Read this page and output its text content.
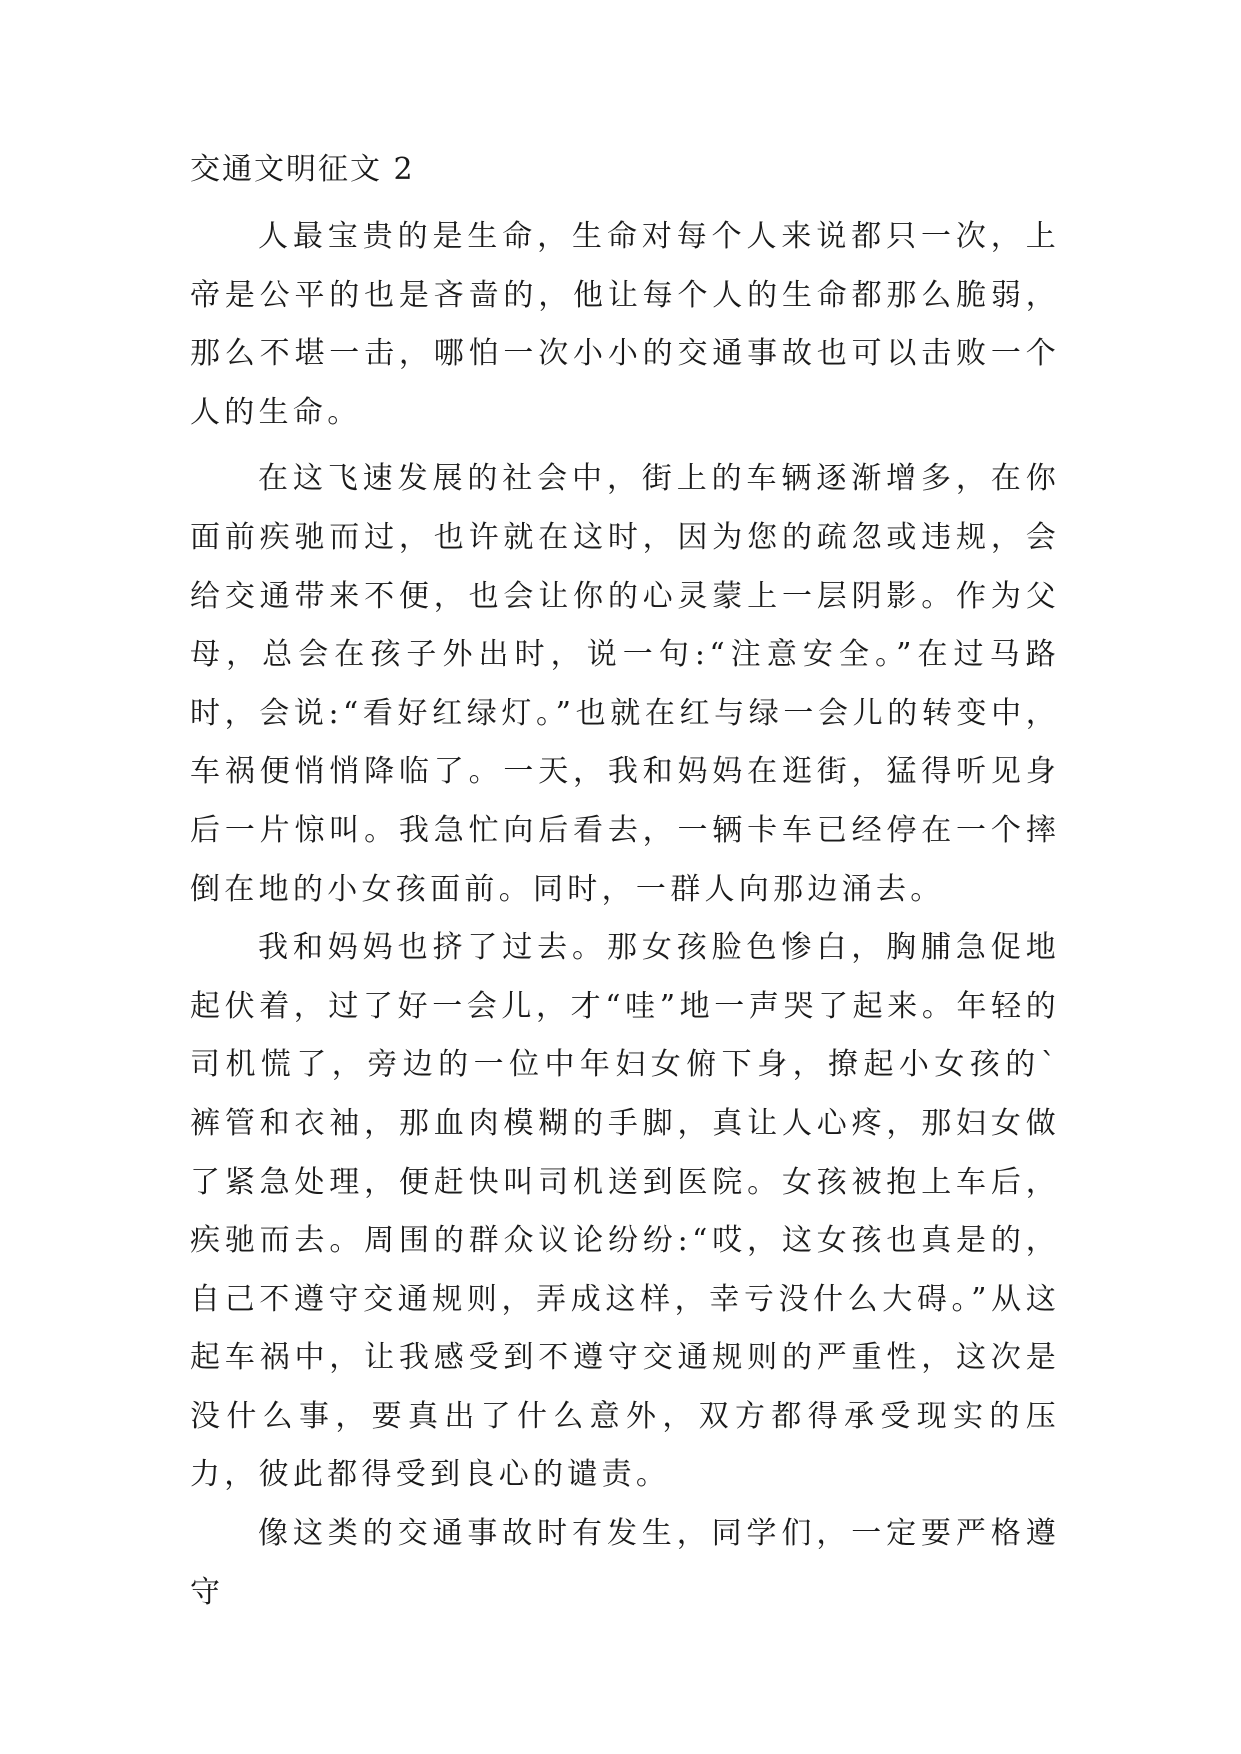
交通文明征文 2

人最宝贵的是生命，生命对每个人来说都只一次，上帝是公平的也是吝啬的，他让每个人的生命都那么脆弱，那么不堪一击，哪怕一次小小的交通事故也可以击败一个人的生命。

在这飞速发展的社会中，街上的车辆逐渐增多，在你面前疾驰而过，也许就在这时，因为您的疏忽或违规，会给交通带来不便，也会让你的心灵蒙上一层阴影。作为父母，总会在孩子外出时，说一句:“注意安全。”在过马路时，会说:“看好红绿灯。”也就在红与绿一会儿的转变中，车祸便悄悄降临了。一天，我和妈妈在逛街，猛得听见身后一片惊叫。我急忙向后看去，一辆卡车已经停在一个摔倒在地的小女孩面前。同时，一群人向那边涌去。

我和妈妈也挤了过去。那女孩脸色惨白，胸脯急促地起伏着，过了好一会儿，才“哇”地一声哭了起来。年轻的司机慌了，旁边的一位中年妇女俯下身，撩起小女孩的`裤管和衣袖，那血肉模糊的手脚，真让人心疼，那妇女做了紧急处理，便赶快叫司机送到医院。女孩被抱上车后，疾驰而去。周围的群众议论纷纷:“哎，这女孩也真是的，自己不遵守交通规则，弄成这样，幸亏没什么大碍。”从这起车祸中，让我感受到不遵守交通规则的严重性，这次是没什么事，要真出了什么意外，双方都得承受现实的压力，彼此都得受到良心的谴责。

像这类的交通事故时有发生，同学们，一定要严格遵守
